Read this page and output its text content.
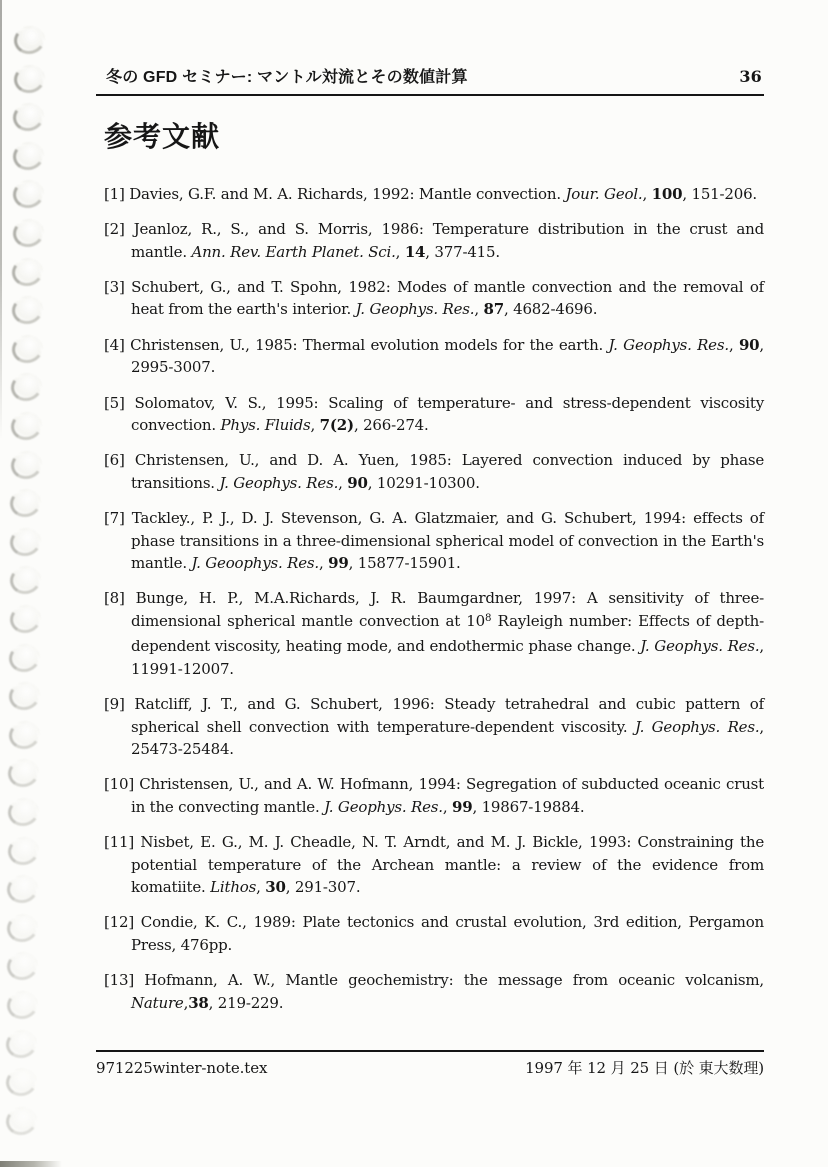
冬の GFD セミナー: マントル対流とその数値計算	36
参考文献
[1] Davies, G.F. and M. A. Richards, 1992: Mantle convection. Jour. Geol., 100, 151-206.
[2] Jeanloz, R., S., and S. Morris, 1986: Temperature distribution in the crust and mantle. Ann. Rev. Earth Planet. Sci., 14, 377-415.
[3] Schubert, G., and T. Spohn, 1982: Modes of mantle convection and the removal of heat from the earth's interior. J. Geophys. Res., 87, 4682-4696.
[4] Christensen, U., 1985: Thermal evolution models for the earth. J. Geophys. Res., 90, 2995-3007.
[5] Solomatov, V. S., 1995: Scaling of temperature- and stress-dependent viscosity convection. Phys. Fluids, 7(2), 266-274.
[6] Christensen, U., and D. A. Yuen, 1985: Layered convection induced by phase transitions. J. Geophys. Res., 90, 10291-10300.
[7] Tackley., P. J., D. J. Stevenson, G. A. Glatzmaier, and G. Schubert, 1994: effects of phase transitions in a three-dimensional spherical model of convection in the Earth's mantle. J. Geoophys. Res., 99, 15877-15901.
[8] Bunge, H. P., M.A.Richards, J. R. Baumgardner, 1997: A sensitivity of three-dimensional spherical mantle convection at $10^8$ Rayleigh number: Effects of depth-dependent viscosity, heating mode, and endothermic phase change. J. Geophys. Res., 11991-12007.
[9] Ratcliff, J. T., and G. Schubert, 1996: Steady tetrahedral and cubic pattern of spherical shell convection with temperature-dependent viscosity. J. Geophys. Res., 25473-25484.
[10] Christensen, U., and A. W. Hofmann, 1994: Segregation of subducted oceanic crust in the convecting mantle. J. Geophys. Res., 99, 19867-19884.
[11] Nisbet, E. G., M. J. Cheadle, N. T. Arndt, and M. J. Bickle, 1993: Constraining the potential temperature of the Archean mantle: a review of the evidence from komatiite. Lithos, 30, 291-307.
[12] Condie, K. C., 1989: Plate tectonics and crustal evolution, 3rd edition, Pergamon Press, 476pp.
[13] Hofmann, A. W., Mantle geochemistry: the message from oceanic volcanism, Nature,38, 219-229.
971225winter-note.tex	1997 年 12 月 25 日 (於 東大数理)
